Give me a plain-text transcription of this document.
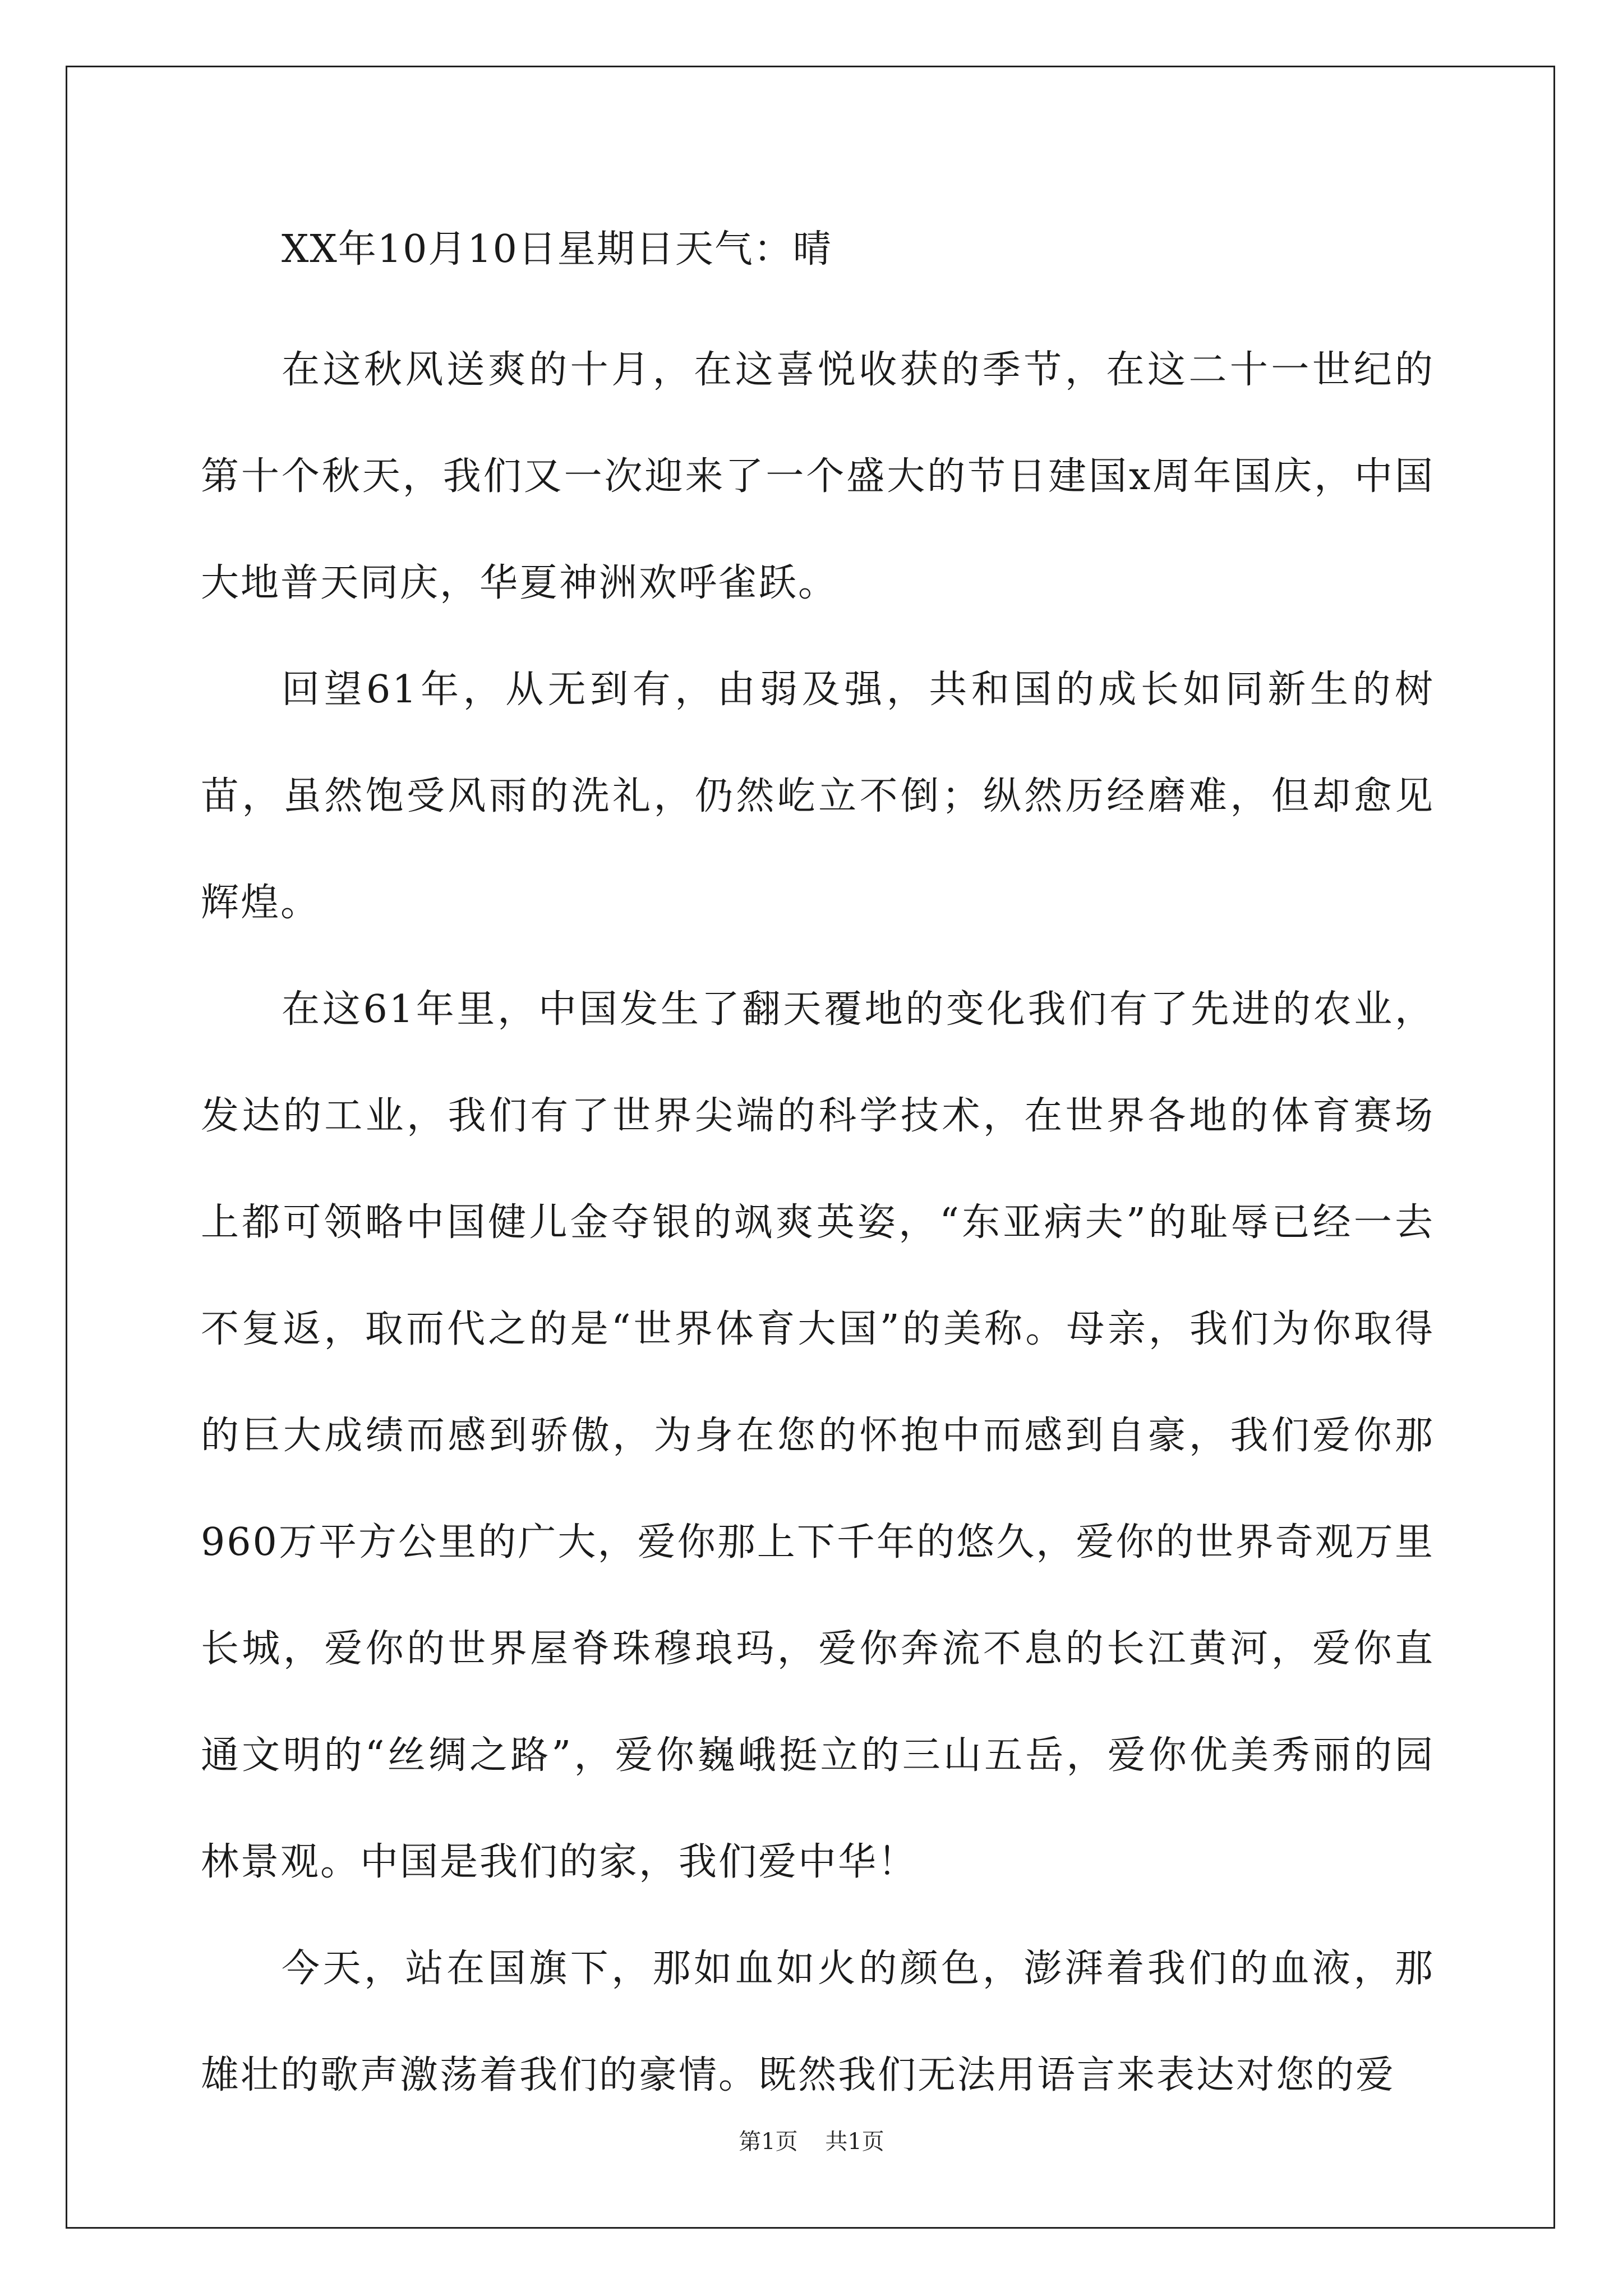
XX年10月10日星期日天气：晴

在这秋风送爽的十月，在这喜悦收获的季节，在这二十一世纪的第十个秋天，我们又一次迎来了一个盛大的节日建国x周年国庆，中国大地普天同庆，华夏神洲欢呼雀跃。

回望61年，从无到有，由弱及强，共和国的成长如同新生的树苗，虽然饱受风雨的洗礼，仍然屹立不倒；纵然历经磨难，但却愈见辉煌。

在这61年里，中国发生了翻天覆地的变化我们有了先进的农业，发达的工业，我们有了世界尖端的科学技术，在世界各地的体育赛场上都可领略中国健儿金夺银的飒爽英姿，“东亚病夫”的耻辱已经一去不复返，取而代之的是“世界体育大国”的美称。母亲，我们为你取得的巨大成绩而感到骄傲，为身在您的怀抱中而感到自豪，我们爱你那960万平方公里的广大，爱你那上下千年的悠久，爱你的世界奇观万里长城，爱你的世界屋脊珠穆琅玛，爱你奔流不息的长江黄河，爱你直通文明的“丝绸之路”，爱你巍峨挺立的三山五岳，爱你优美秀丽的园林景观。中国是我们的家，我们爱中华！

今天，站在国旗下，那如血如火的颜色，澎湃着我们的血液，那雄壮的歌声激荡着我们的豪情。既然我们无法用语言来表达对您的爱

第1页 共1页
